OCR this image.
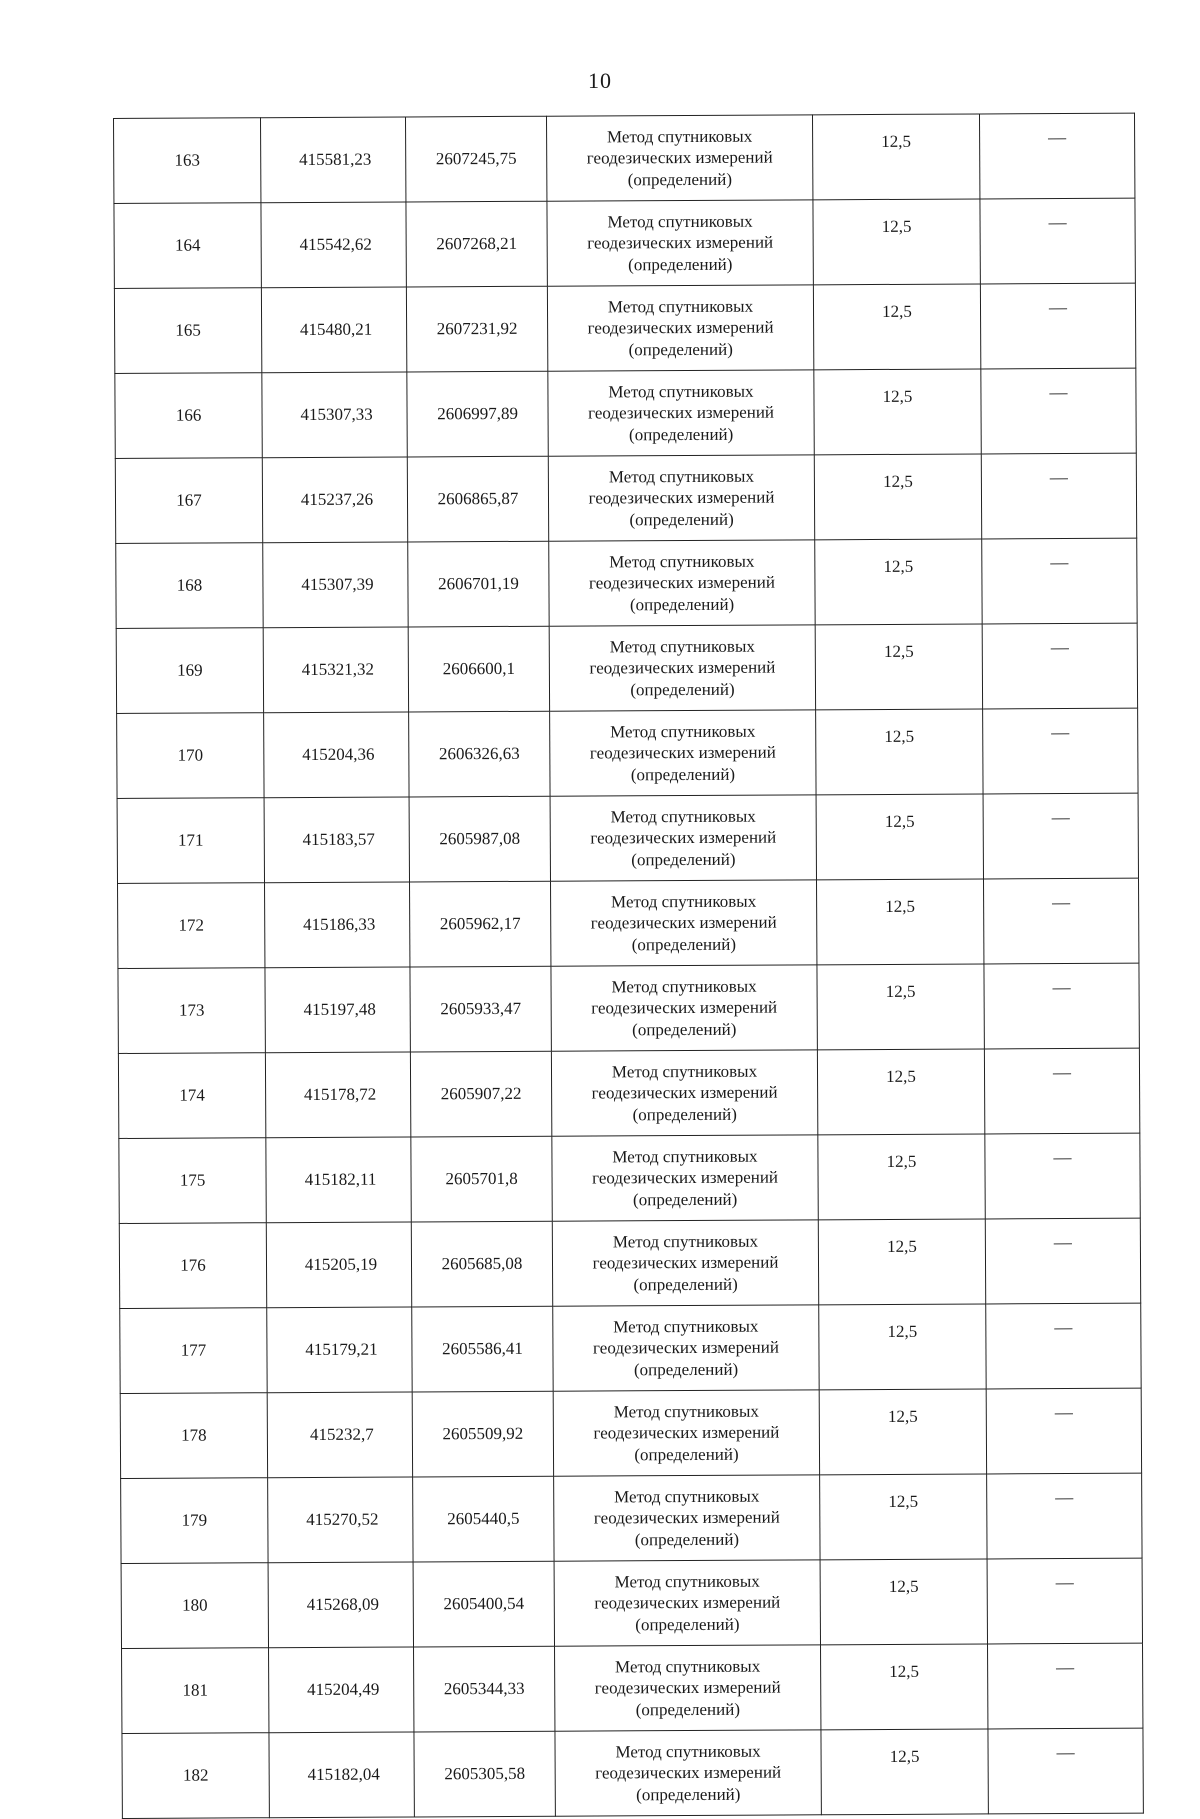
10
163	415581,23	2607245,75	Метод спутниковых
геодезических измерений
(определений)	12,5	—
164	415542,62	2607268,21	Метод спутниковых
геодезических измерений
(определений)	12,5	—
165	415480,21	2607231,92	Метод спутниковых
геодезических измерений
(определений)	12,5	—
166	415307,33	2606997,89	Метод спутниковых
геодезических измерений
(определений)	12,5	—
167	415237,26	2606865,87	Метод спутниковых
геодезических измерений
(определений)	12,5	—
168	415307,39	2606701,19	Метод спутниковых
геодезических измерений
(определений)	12,5	—
169	415321,32	2606600,1	Метод спутниковых
геодезических измерений
(определений)	12,5	—
170	415204,36	2606326,63	Метод спутниковых
геодезических измерений
(определений)	12,5	—
171	415183,57	2605987,08	Метод спутниковых
геодезических измерений
(определений)	12,5	—
172	415186,33	2605962,17	Метод спутниковых
геодезических измерений
(определений)	12,5	—
173	415197,48	2605933,47	Метод спутниковых
геодезических измерений
(определений)	12,5	—
174	415178,72	2605907,22	Метод спутниковых
геодезических измерений
(определений)	12,5	—
175	415182,11	2605701,8	Метод спутниковых
геодезических измерений
(определений)	12,5	—
176	415205,19	2605685,08	Метод спутниковых
геодезических измерений
(определений)	12,5	—
177	415179,21	2605586,41	Метод спутниковых
геодезических измерений
(определений)	12,5	—
178	415232,7	2605509,92	Метод спутниковых
геодезических измерений
(определений)	12,5	—
179	415270,52	2605440,5	Метод спутниковых
геодезических измерений
(определений)	12,5	—
180	415268,09	2605400,54	Метод спутниковых
геодезических измерений
(определений)	12,5	—
181	415204,49	2605344,33	Метод спутниковых
геодезических измерений
(определений)	12,5	—
182	415182,04	2605305,58	Метод спутниковых
геодезических измерений
(определений)	12,5	—
